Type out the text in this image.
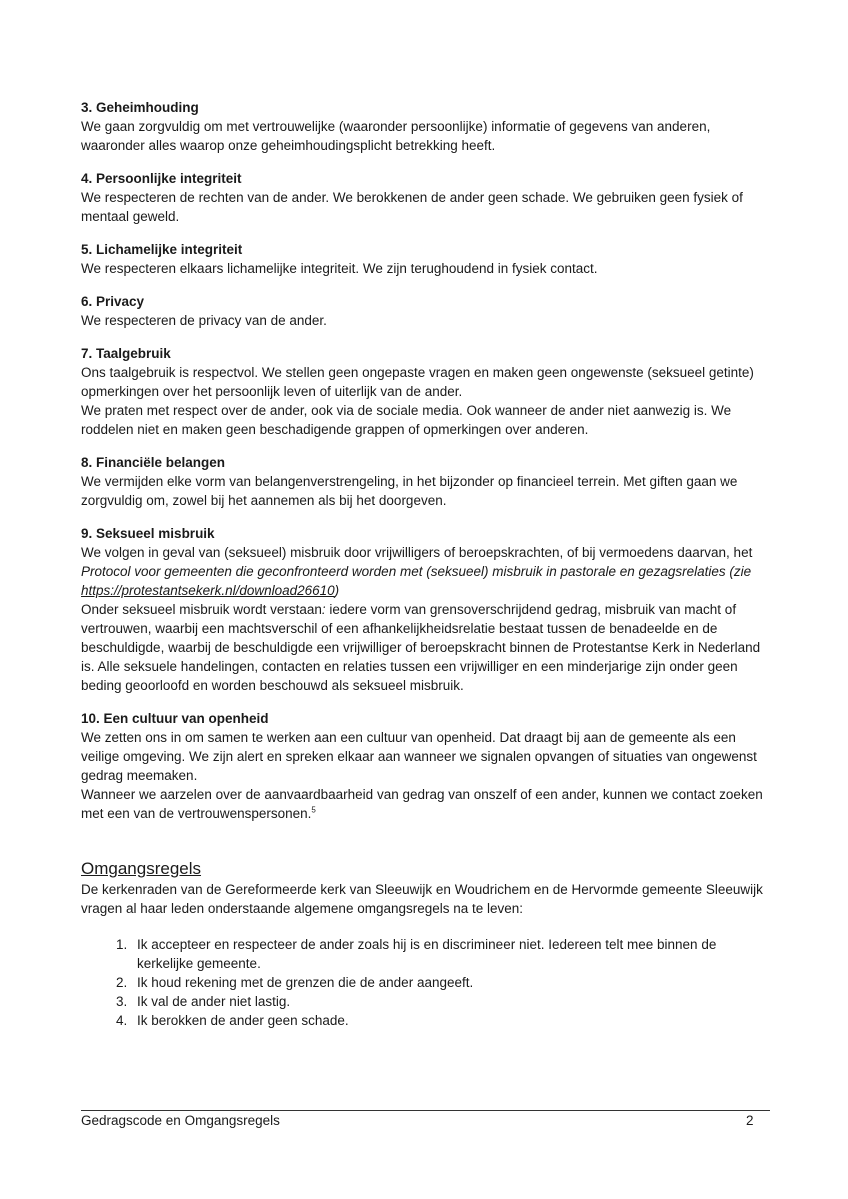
3. Geheimhouding
We gaan zorgvuldig om met vertrouwelijke (waaronder persoonlijke) informatie of gegevens van anderen, waaronder alles waarop onze geheimhoudingsplicht betrekking heeft.
4. Persoonlijke integriteit
We respecteren de rechten van de ander. We berokkenen de ander geen schade. We gebruiken geen fysiek of mentaal geweld.
5. Lichamelijke integriteit
We respecteren elkaars lichamelijke integriteit. We zijn terughoudend in fysiek contact.
6. Privacy
We respecteren de privacy van de ander.
7. Taalgebruik
Ons taalgebruik is respectvol. We stellen geen ongepaste vragen en maken geen ongewenste (seksueel getinte) opmerkingen over het persoonlijk leven of uiterlijk van de ander.
We praten met respect over de ander, ook via de sociale media. Ook wanneer de ander niet aanwezig is. We roddelen niet en maken geen beschadigende grappen of opmerkingen over anderen.
8. Financiële belangen
We vermijden elke vorm van belangenverstrengeling, in het bijzonder op financieel terrein. Met giften gaan we zorgvuldig om, zowel bij het aannemen als bij het doorgeven.
9. Seksueel misbruik
We volgen in geval van (seksueel) misbruik door vrijwilligers of beroepskrachten, of bij vermoedens daarvan, het Protocol voor gemeenten die geconfronteerd worden met (seksueel) misbruik in pastorale en gezagsrelaties (zie https://protestantsekerk.nl/download26610)
Onder seksueel misbruik wordt verstaan: iedere vorm van grensoverschrijdend gedrag, misbruik van macht of vertrouwen, waarbij een machtsverschil of een afhankelijkheidsrelatie bestaat tussen de benadeelde en de beschuldigde, waarbij de beschuldigde een vrijwilliger of beroepskracht binnen de Protestantse Kerk in Nederland is. Alle seksuele handelingen, contacten en relaties tussen een vrijwilliger en een minderjarige zijn onder geen beding geoorloofd en worden beschouwd als seksueel misbruik.
10. Een cultuur van openheid
We zetten ons in om samen te werken aan een cultuur van openheid. Dat draagt bij aan de gemeente als een veilige omgeving. We zijn alert en spreken elkaar aan wanneer we signalen opvangen of situaties van ongewenst gedrag meemaken.
Wanneer we aarzelen over de aanvaardbaarheid van gedrag van onszelf of een ander, kunnen we contact zoeken met een van de vertrouwenspersonen.$^5$
Omgangsregels
De kerkenraden van de Gereformeerde kerk van Sleeuwijk en Woudrichem en de Hervormde gemeente Sleeuwijk vragen al haar leden onderstaande algemene omgangsregels na te leven:
1. Ik accepteer en respecteer de ander zoals hij is en discrimineer niet. Iedereen telt mee binnen de kerkelijke gemeente.
2. Ik houd rekening met de grenzen die de ander aangeeft.
3. Ik val de ander niet lastig.
4. Ik berokken de ander geen schade.
Gedragscode en Omgangsregels	2
